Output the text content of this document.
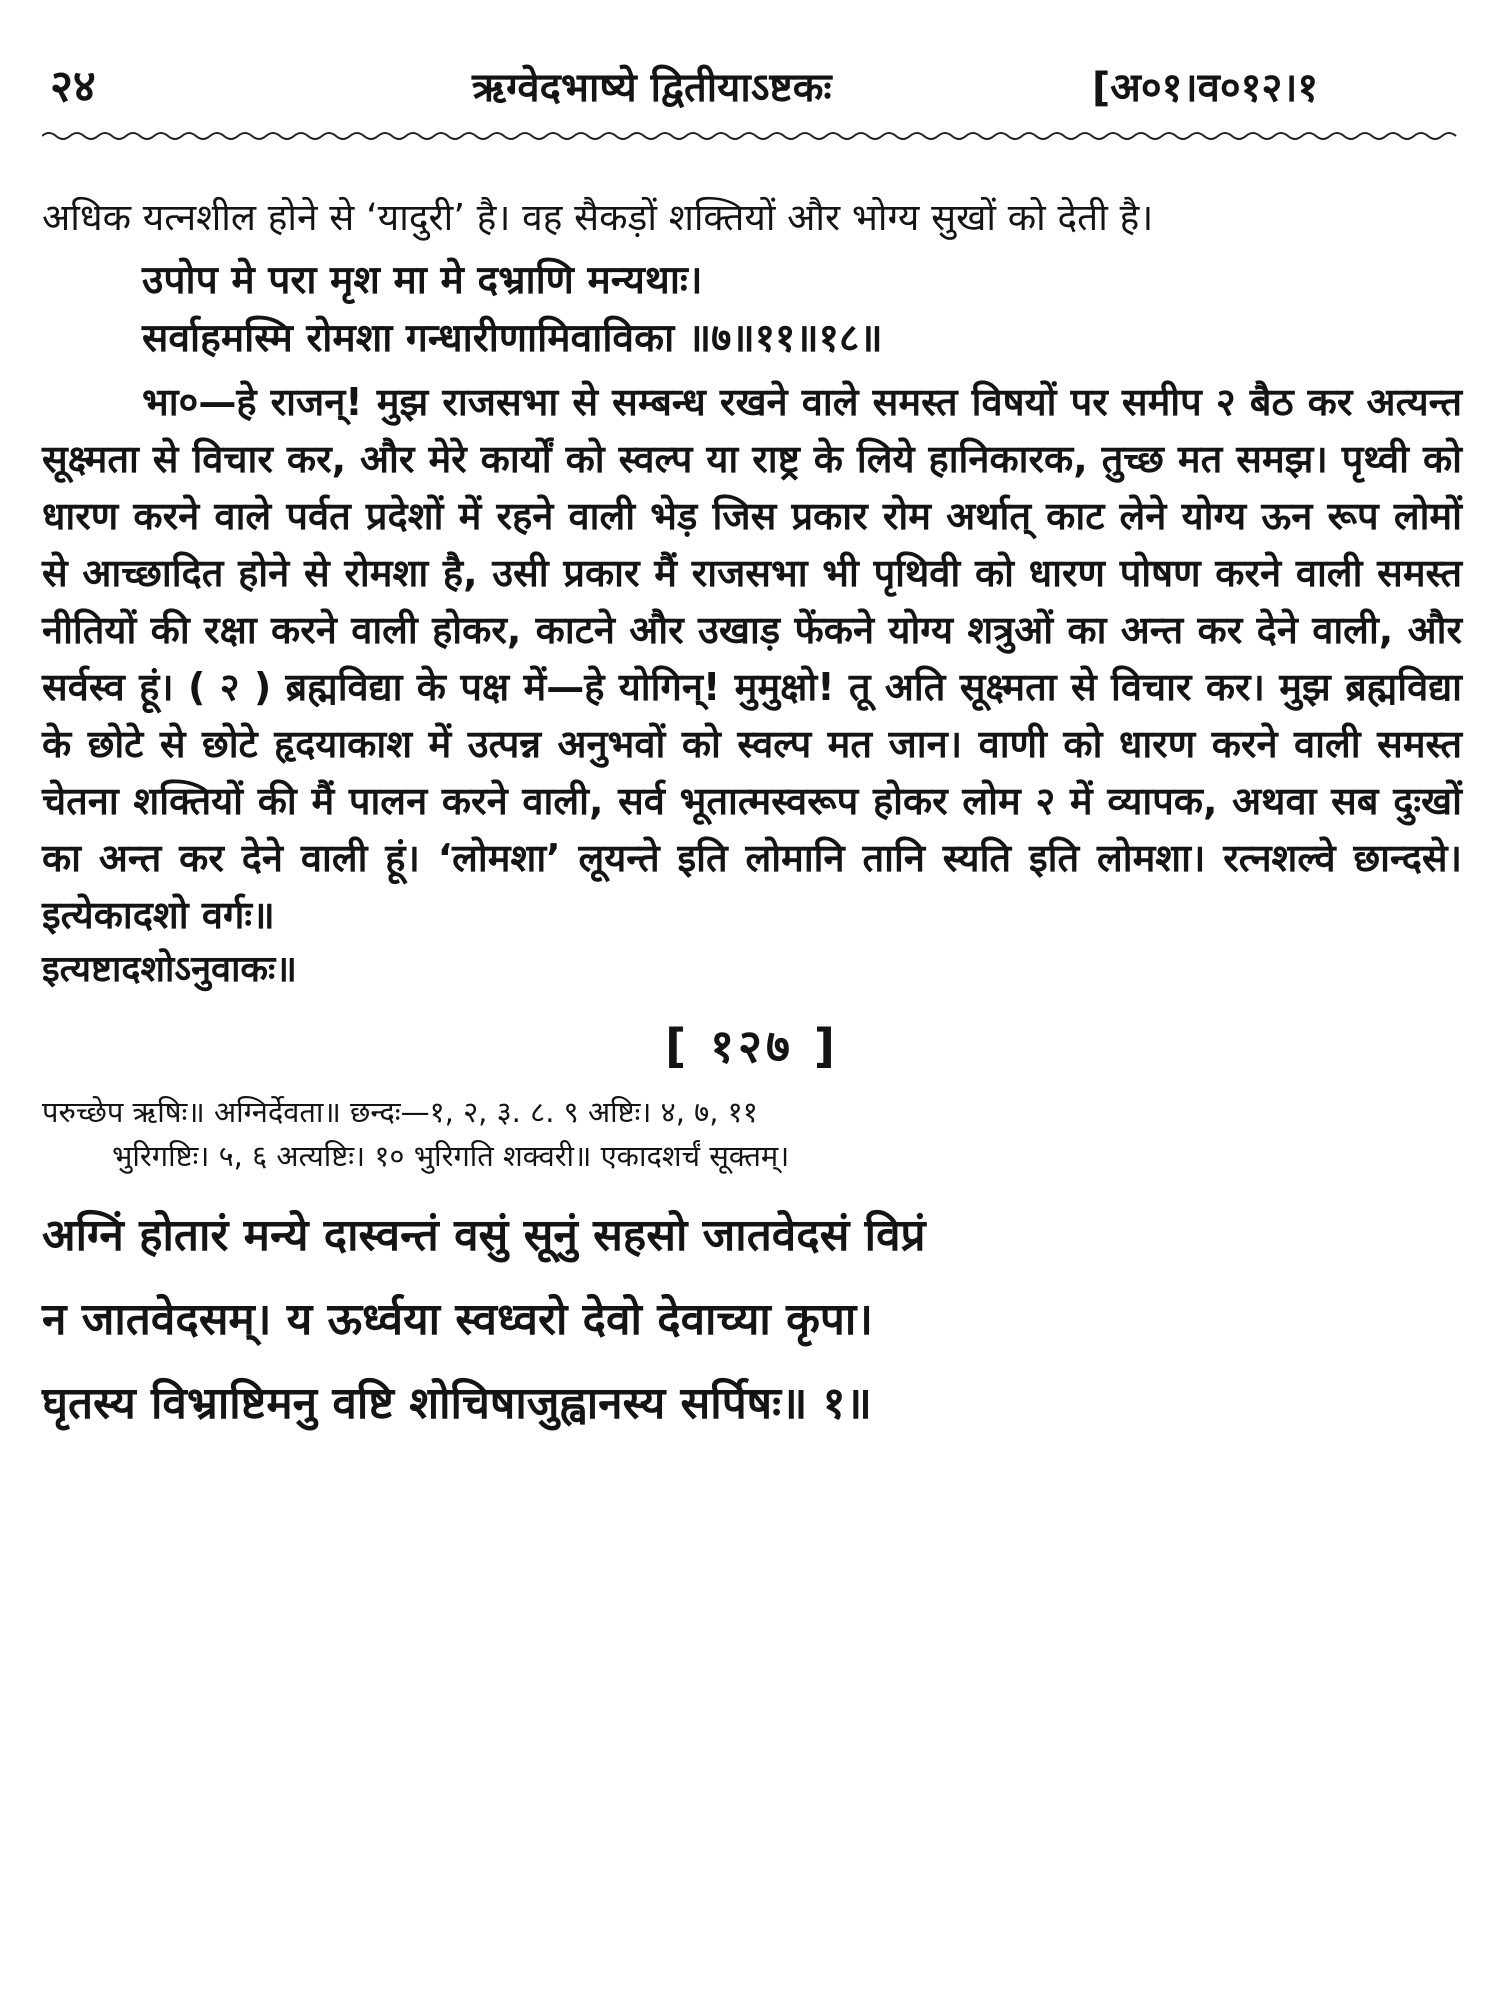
२४	ऋग्वेदभाष्ये द्वितीयाऽष्टकः	[अ०१।व०१२।१

अधिक यत्नशील होने से ‘यादुरी’ है। वह सैकड़ों शक्तियों और भोग्य सुखों को देती है।

उपोप मे परा मृश मा मे दभ्राणि मन्यथाः।
सर्वाहमस्मि रोमशा गन्धारीणामिवाविका ॥७॥११॥१८॥

भा०—हे राजन्! मुझ राजसभा से सम्बन्ध रखने वाले समस्त विषयों पर समीप २ बैठ कर अत्यन्त सूक्ष्मता से विचार कर, और मेरे कार्यों को स्वल्प या राष्ट्र के लिये हानिकारक, तुच्छ मत समझ। पृथ्वी को धारण करने वाले पर्वत प्रदेशों में रहने वाली भेड़ जिस प्रकार रोम अर्थात् काट लेने योग्य ऊन रूप लोमों से आच्छादित होने से रोमशा है, उसी प्रकार मैं राजसभा भी पृथिवी को धारण पोषण करने वाली समस्त नीतियों की रक्षा करने वाली होकर, काटने और उखाड़ फेंकने योग्य शत्रुओं का अन्त कर देने वाली, और सर्वस्व हूं। ( २ ) ब्रह्मविद्या के पक्ष में—हे योगिन्! मुमुक्षो! तू अति सूक्ष्मता से विचार कर। मुझ ब्रह्मविद्या के छोटे से छोटे हृदयाकाश में उत्पन्न अनुभवों को स्वल्प मत जान। वाणी को धारण करने वाली समस्त चेतना शक्तियों की मैं पालन करने वाली, सर्व भूतात्मस्वरूप होकर लोम २ में व्यापक, अथवा सब दुःखों का अन्त कर देने वाली हूं। ‘लोमशा’ लूयन्ते इति लोमानि तानि स्यति इति लोमशा। रत्नशल्वे छान्दसे। इत्येकादशो वर्गः॥

इत्यष्टादशोऽनुवाकः॥

[ १२७ ]

परुच्छेप ऋषिः॥ अग्निर्देवता॥ छन्दः—१, २, ३. ८. ९ अष्टिः। ४, ७, ११

भुरिगष्टिः। ५, ६ अत्यष्टिः। १० भुरिगति शक्वरी॥ एकादशर्चं सूक्तम्।

अग्निं होतारं मन्ये दास्वन्तं वसुं सूनुं सहसो जातवेदसं विप्रं
न जातवेदसम्। य ऊर्ध्वया स्वध्वरो देवो देवाच्या कृपा।
घृतस्य विभ्राष्टिमनु वष्टि शोचिषाजुह्वानस्य सर्पिषः॥ १॥
